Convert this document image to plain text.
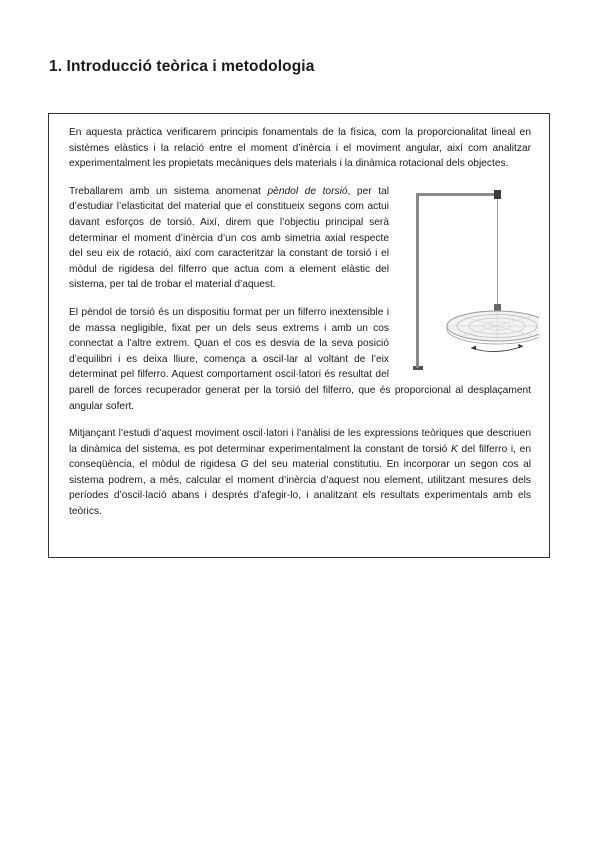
1. Introducció teòrica i metodologia

En aquesta pràctica verificarem principis fonamentals de la física, com la proporcionalitat lineal en sistèmes elàstics i la relació entre el moment d’inèrcia i el moviment angular, així com analitzar experimentalment les propietats mecàniques dels materials i la dinàmica rotacional dels objectes.

Treballarem amb un sistema anomenat pèndol de torsió, per tal d’estudiar l’elasticitat del material que el constitueix segons com actui davant esforços de torsió. Així, direm que l’objectiu principal serà determinar el moment d’inèrcia d’un cos amb simetria axial respecte del seu eix de rotació, així com caracteritzar la constant de torsió i el mòdul de rigidesa del filferro que actua com a element elàstic del sistema, per tal de trobar el material d’aquest.

El pèndol de torsió és un dispositiu format per un filferro inextensible i de massa negligible, fixat per un dels seus extrems i amb un cos connectat a l’altre extrem. Quan el cos es desvia de la seva posició d’equilibri i es deixa lliure, comença a oscil·lar al voltant de l’eix determinat pel filferro. Aquest comportament oscil·latori és resultat del parell de forces recuperador generat per la torsió del filferro, que és proporcional al desplaçament angular sofert.

Mitjançant l’estudi d’aquest moviment oscil·latori i l’anàlisi de les expressions teòriques que descriuen la dinàmica del sistema, es pot determinar experimentalment la constant de torsió K del filferro i, en conseqüència, el mòdul de rigidesa G del seu material constitutiu. En incorporar un segon cos al sistema podrem, a més, calcular el moment d’inèrcia d’aquest nou element, utilitzant mesures dels períodes d’oscil·lació abans i després d’afegir-lo, i analitzant els resultats experimentals amb els teòrics.
